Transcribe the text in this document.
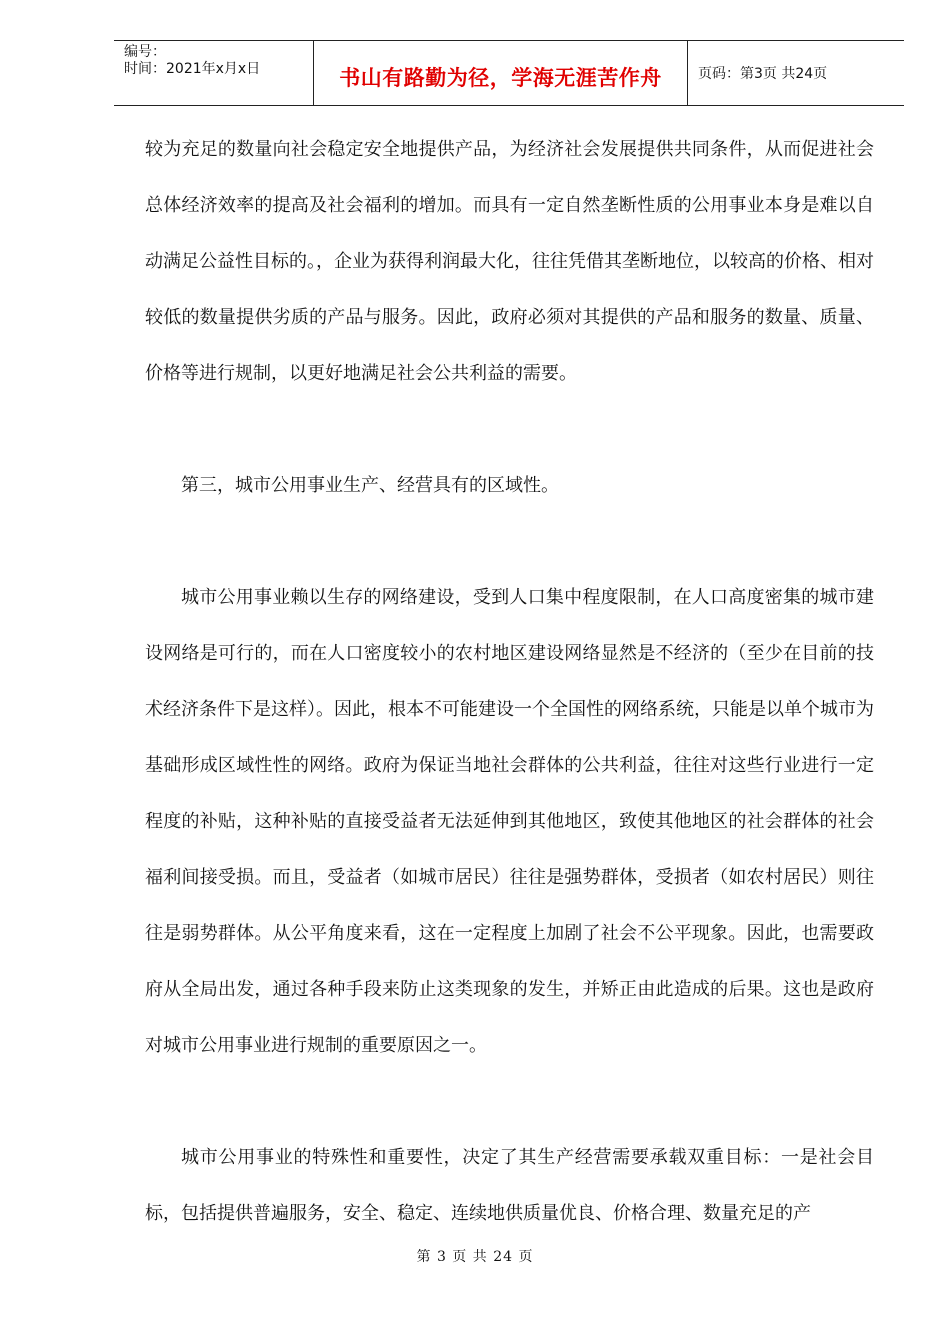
编号：
时间：2021年x月x日	书山有路勤为径，学海无涯苦作舟	页码：第3页 共24页

较为充足的数量向社会稳定安全地提供产品，为经济社会发展提供共同条件，从而促进社会总体经济效率的提高及社会福利的增加。而具有一定自然垄断性质的公用事业本身是难以自动满足公益性目标的。，企业为获得利润最大化，往往凭借其垄断地位，以较高的价格、相对较低的数量提供劣质的产品与服务。因此，政府必须对其提供的产品和服务的数量、质量、价格等进行规制，以更好地满足社会公共利益的需要。

第三，城市公用事业生产、经营具有的区域性。

城市公用事业赖以生存的网络建设，受到人口集中程度限制，在人口高度密集的城市建设网络是可行的，而在人口密度较小的农村地区建设网络显然是不经济的（至少在目前的技术经济条件下是这样）。因此，根本不可能建设一个全国性的网络系统，只能是以单个城市为基础形成区域性性的网络。政府为保证当地社会群体的公共利益，往往对这些行业进行一定程度的补贴，这种补贴的直接受益者无法延伸到其他地区，致使其他地区的社会群体的社会福利间接受损。而且，受益者（如城市居民）往往是强势群体，受损者（如农村居民）则往往是弱势群体。从公平角度来看，这在一定程度上加剧了社会不公平现象。因此，也需要政府从全局出发，通过各种手段来防止这类现象的发生，并矫正由此造成的后果。这也是政府对城市公用事业进行规制的重要原因之一。

城市公用事业的特殊性和重要性，决定了其生产经营需要承载双重目标：一是社会目标，包括提供普遍服务，安全、稳定、连续地供质量优良、价格合理、数量充足的产

第 3 页 共 24 页
